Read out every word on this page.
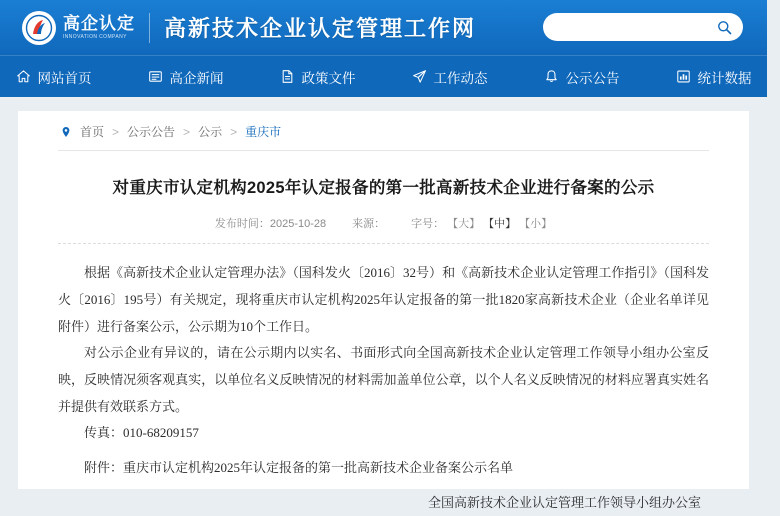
高企认定
INNOVATION COMPANY	高新技术企业认定管理工作网
网站首页	高企新闻	政策文件	工作动态	公示公告	统计数据
首页 > 公示公告 > 公示 > 重庆市
对重庆市认定机构2025年认定报备的第一批高新技术企业进行备案的公示
发布时间：2025-10-28 来源： 字号： 【大】 【中】 【小】

根据《高新技术企业认定管理办法》（国科发火〔2016〕32号）和《高新技术企业认定管理工作指引》（国科发火〔2016〕195号）有关规定，现将重庆市认定机构2025年认定报备的第一批1820家高新技术企业（企业名单详见附件）进行备案公示，公示期为10个工作日。

对公示企业有异议的，请在公示期内以实名、书面形式向全国高新技术企业认定管理工作领导小组办公室反映，反映情况须客观真实，以单位名义反映情况的材料需加盖单位公章，以个人名义反映情况的材料应署真实姓名并提供有效联系方式。

传真：010-68209157

附件：重庆市认定机构2025年认定报备的第一批高新技术企业备案公示名单

全国高新技术企业认定管理工作领导小组办公室
